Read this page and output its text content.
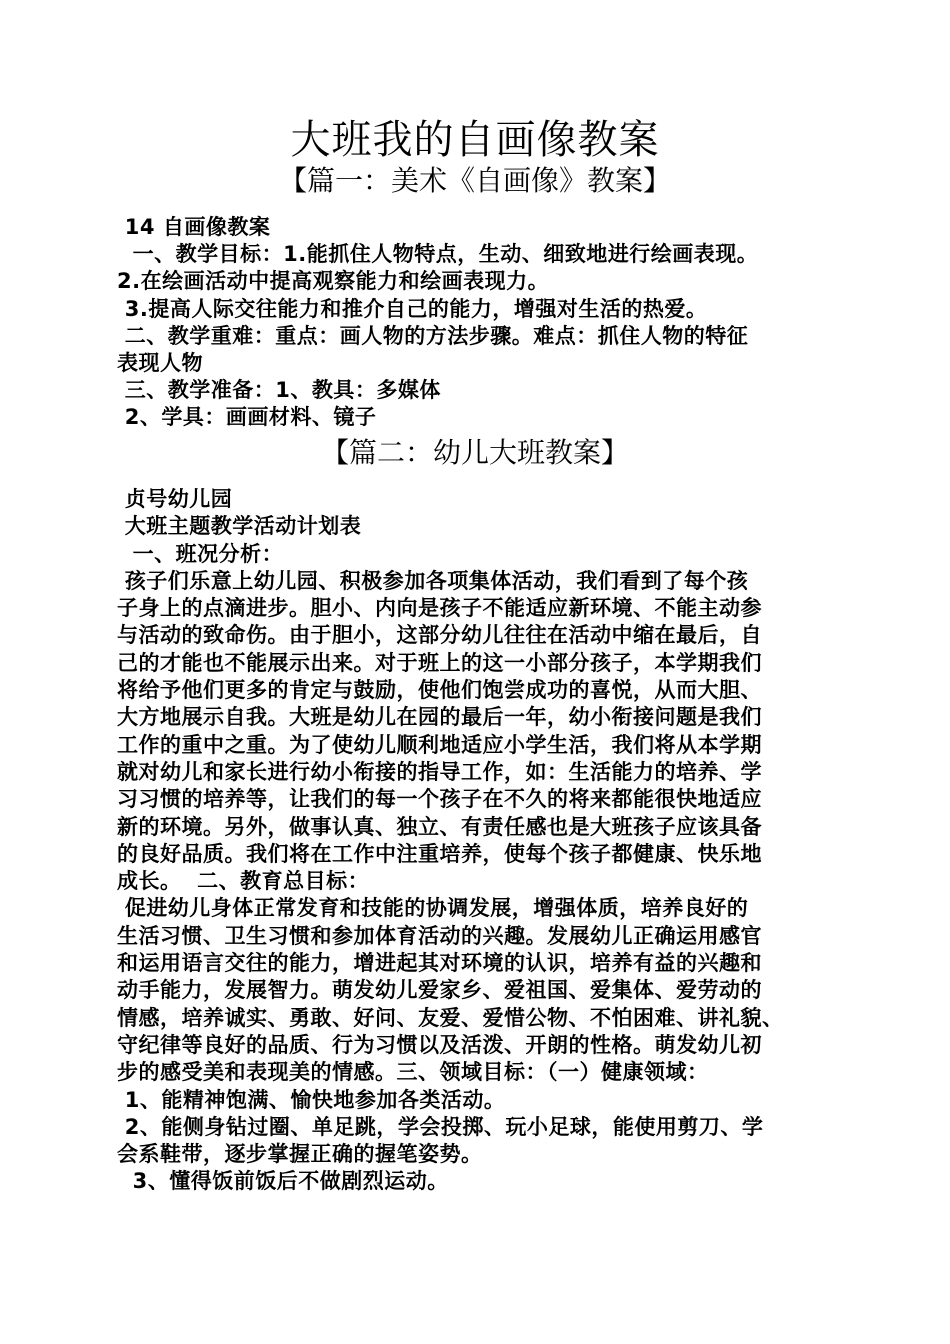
大班我的自画像教案
【篇一：美术《自画像》教案】
14 自画像教案
一、教学目标：1.能抓住人物特点，生动、细致地进行绘画表现。
2.在绘画活动中提高观察能力和绘画表现力。
3.提高人际交往能力和推介自己的能力，增强对生活的热爱。
二、教学重难：重点：画人物的方法步骤。难点：抓住人物的特征
表现人物
三、教学准备：1、教具：多媒体
2、学具：画画材料、镜子
【篇二：幼儿大班教案】
贞号幼儿园
大班主题教学活动计划表
一、班况分析：
孩子们乐意上幼儿园、积极参加各项集体活动，我们看到了每个孩
子身上的点滴进步。胆小、内向是孩子不能适应新环境、不能主动参
与活动的致命伤。由于胆小，这部分幼儿往往在活动中缩在最后，自
己的才能也不能展示出来。对于班上的这一小部分孩子，本学期我们
将给予他们更多的肯定与鼓励，使他们饱尝成功的喜悦，从而大胆、
大方地展示自我。大班是幼儿在园的最后一年，幼小衔接问题是我们
工作的重中之重。为了使幼儿顺利地适应小学生活，我们将从本学期
就对幼儿和家长进行幼小衔接的指导工作，如：生活能力的培养、学
习习惯的培养等，让我们的每一个孩子在不久的将来都能很快地适应
新的环境。另外，做事认真、独立、有责任感也是大班孩子应该具备
的良好品质。我们将在工作中注重培养，使每个孩子都健康、快乐地
成长。  二、教育总目标：
促进幼儿身体正常发育和技能的协调发展，增强体质，培养良好的
生活习惯、卫生习惯和参加体育活动的兴趣。发展幼儿正确运用感官
和运用语言交往的能力，增进起其对环境的认识，培养有益的兴趣和
动手能力，发展智力。萌发幼儿爱家乡、爱祖国、爱集体、爱劳动的
情感，培养诚实、勇敢、好问、友爱、爱惜公物、不怕困难、讲礼貌、
守纪律等良好的品质、行为习惯以及活泼、开朗的性格。萌发幼儿初
步的感受美和表现美的情感。三、领域目标：（一）健康领域：
1、能精神饱满、愉快地参加各类活动。
2、能侧身钻过圈、单足跳，学会投掷、玩小足球，能使用剪刀、学
会系鞋带，逐步掌握正确的握笔姿势。
3、懂得饭前饭后不做剧烈运动。
